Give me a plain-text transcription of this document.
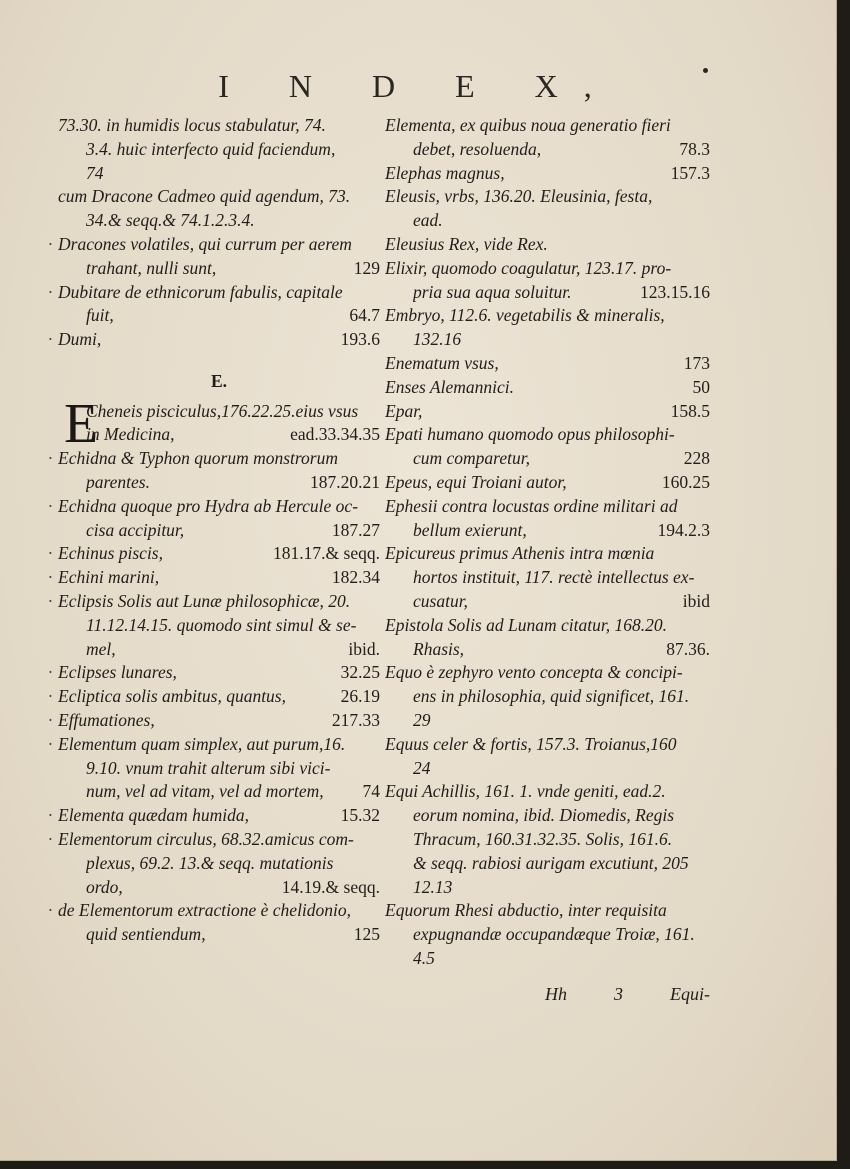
I N D E X,
73.30. in humidis locus stabulatur, 74.
3.4. huic interfecto quid faciendum,
74
cum Dracone Cadmeo quid agendum, 73.
34.& seqq.& 74.1.2.3.4.
· Dracones volatiles, qui currum per aerem
trahant, nulli sunt,	129
· Dubitare de ethnicorum fabulis, capitale
fuit,	64.7
· Dumi,	193.6
E.
E
Cheneis pisciculus,176.22.25.eius vsus
in Medicina,	ead.33.34.35
· Echidna & Typhon quorum monstrorum
parentes.	187.20.21
· Echidna quoque pro Hydra ab Hercule oc-
cisa accipitur,	187.27
· Echinus piscis,	181.17.& seqq.
· Echini marini,	182.34
· Eclipsis Solis aut Lunæ philosophicæ, 20.
11.12.14.15. quomodo sint simul & se-
mel,	ibid.
· Eclipses lunares,	32.25
· Ecliptica solis ambitus, quantus,	26.19
· Effumationes,	217.33
· Elementum quam simplex, aut purum,16.
9.10. vnum trahit alterum sibi vici-
num, vel ad vitam, vel ad mortem,	74
· Elementa quædam humida,	15.32
· Elementorum circulus, 68.32.amicus com-
plexus, 69.2. 13.& seqq. mutationis
ordo,	14.19.& seqq.
· de Elementorum extractione è chelidonio,
quid sentiendum,	125
Elementa, ex quibus noua generatio fieri
debet, resoluenda,	78.3
Elephas magnus,	157.3
Eleusis, vrbs, 136.20. Eleusinia, festa,
ead.
Eleusius Rex, vide Rex.
Elixir, quomodo coagulatur, 123.17. pro-
pria sua aqua soluitur.	123.15.16
Embryo, 112.6. vegetabilis & mineralis,
132.16
Enematum vsus,	173
Enses Alemannici.	50
Epar,	158.5
Epati humano quomodo opus philosophi-
cum comparetur,	228
Epeus, equi Troiani autor,	160.25
Ephesii contra locustas ordine militari ad
bellum exierunt,	194.2.3
Epicureus primus Athenis intra mœnia
hortos instituit, 117. rectè intellectus ex-
cusatur,	ibid
Epistola Solis ad Lunam citatur, 168.20.
Rhasis,	87.36.
Equo è zephyro vento concepta & concipi-
ens in philosophia, quid significet, 161.
29
Equus celer & fortis, 157.3. Troianus,160
24
Equi Achillis, 161. 1. vnde geniti, ead.2.
eorum nomina, ibid. Diomedis, Regis
Thracum, 160.31.32.35. Solis, 161.6.
& seqq. rabiosi aurigam excutiunt, 205
12.13
Equorum Rhesi abductio, inter requisita
expugnandæ occupandæque Troiæ, 161.
4.5
Hh	3	Equi-
